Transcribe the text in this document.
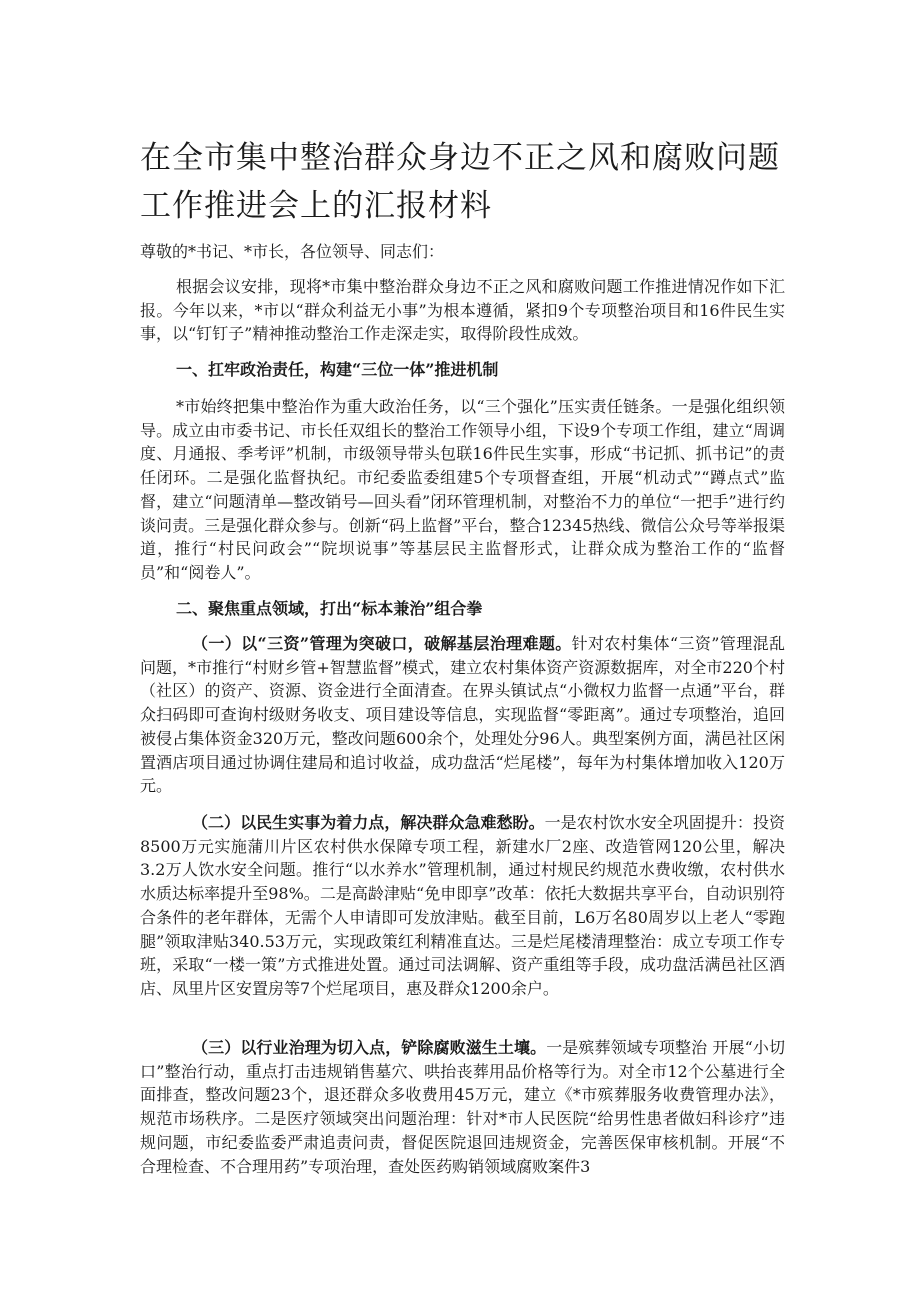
在全市集中整治群众身边不正之风和腐败问题工作推进会上的汇报材料

尊敬的*书记、*市长，各位领导、同志们：

根据会议安排，现将*市集中整治群众身边不正之风和腐败问题工作推进情况作如下汇报。今年以来，*市以“群众利益无小事”为根本遵循，紧扣9个专项整治项目和16件民生实事，以“钉钉子”精神推动整治工作走深走实，取得阶段性成效。

一、扛牢政治责任，构建“三位一体”推进机制

*市始终把集中整治作为重大政治任务，以“三个强化”压实责任链条。一是强化组织领导。成立由市委书记、市长任双组长的整治工作领导小组，下设9个专项工作组，建立“周调度、月通报、季考评”机制，市级领导带头包联16件民生实事，形成“书记抓、抓书记”的责任闭环。二是强化监督执纪。市纪委监委组建5个专项督查组，开展“机动式”“蹲点式”监督，建立“问题清单—整改销号—回头看”闭环管理机制，对整治不力的单位“一把手”进行约谈问责。三是强化群众参与。创新“码上监督”平台，整合12345热线、微信公众号等举报渠道，推行“村民问政会”“院坝说事”等基层民主监督形式，让群众成为整治工作的“监督员”和“阅卷人”。

二、聚焦重点领域，打出“标本兼治”组合拳

（一）以“三资”管理为突破口，破解基层治理难题。针对农村集体“三资”管理混乱问题，*市推行“村财乡管+智慧监督”模式，建立农村集体资产资源数据库，对全市220个村（社区）的资产、资源、资金进行全面清查。在界头镇试点“小微权力监督一点通”平台，群众扫码即可查询村级财务收支、项目建设等信息，实现监督“零距离”。通过专项整治，追回被侵占集体资金320万元，整改问题600余个，处理处分96人。典型案例方面，满邑社区闲置酒店项目通过协调住建局和追讨收益，成功盘活“烂尾楼”，每年为村集体增加收入120万元。

（二）以民生实事为着力点，解决群众急难愁盼。一是农村饮水安全巩固提升：投资8500万元实施蒲川片区农村供水保障专项工程，新建水厂2座、改造管网120公里，解决3.2万人饮水安全问题。推行“以水养水”管理机制，通过村规民约规范水费收缴，农村供水水质达标率提升至98%。二是高龄津贴“免申即享”改革：依托大数据共享平台，自动识别符合条件的老年群体，无需个人申请即可发放津贴。截至目前，L6万名80周岁以上老人“零跑腿”领取津贴340.53万元，实现政策红利精准直达。三是烂尾楼清理整治：成立专项工作专班，采取“一楼一策”方式推进处置。通过司法调解、资产重组等手段，成功盘活满邑社区酒店、凤里片区安置房等7个烂尾项目，惠及群众1200余户。

（三）以行业治理为切入点，铲除腐败滋生土壤。一是殡葬领域专项整治 开展“小切口”整治行动，重点打击违规销售墓穴、哄抬丧葬用品价格等行为。对全市12个公墓进行全面排查，整改问题23个，退还群众多收费用45万元，建立《*市殡葬服务收费管理办法》，规范市场秩序。二是医疗领域突出问题治理：针对*市人民医院“给男性患者做妇科诊疗”违规问题，市纪委监委严肃追责问责，督促医院退回违规资金，完善医保审核机制。开展“不合理检查、不合理用药”专项治理，查处医药购销领域腐败案件3
